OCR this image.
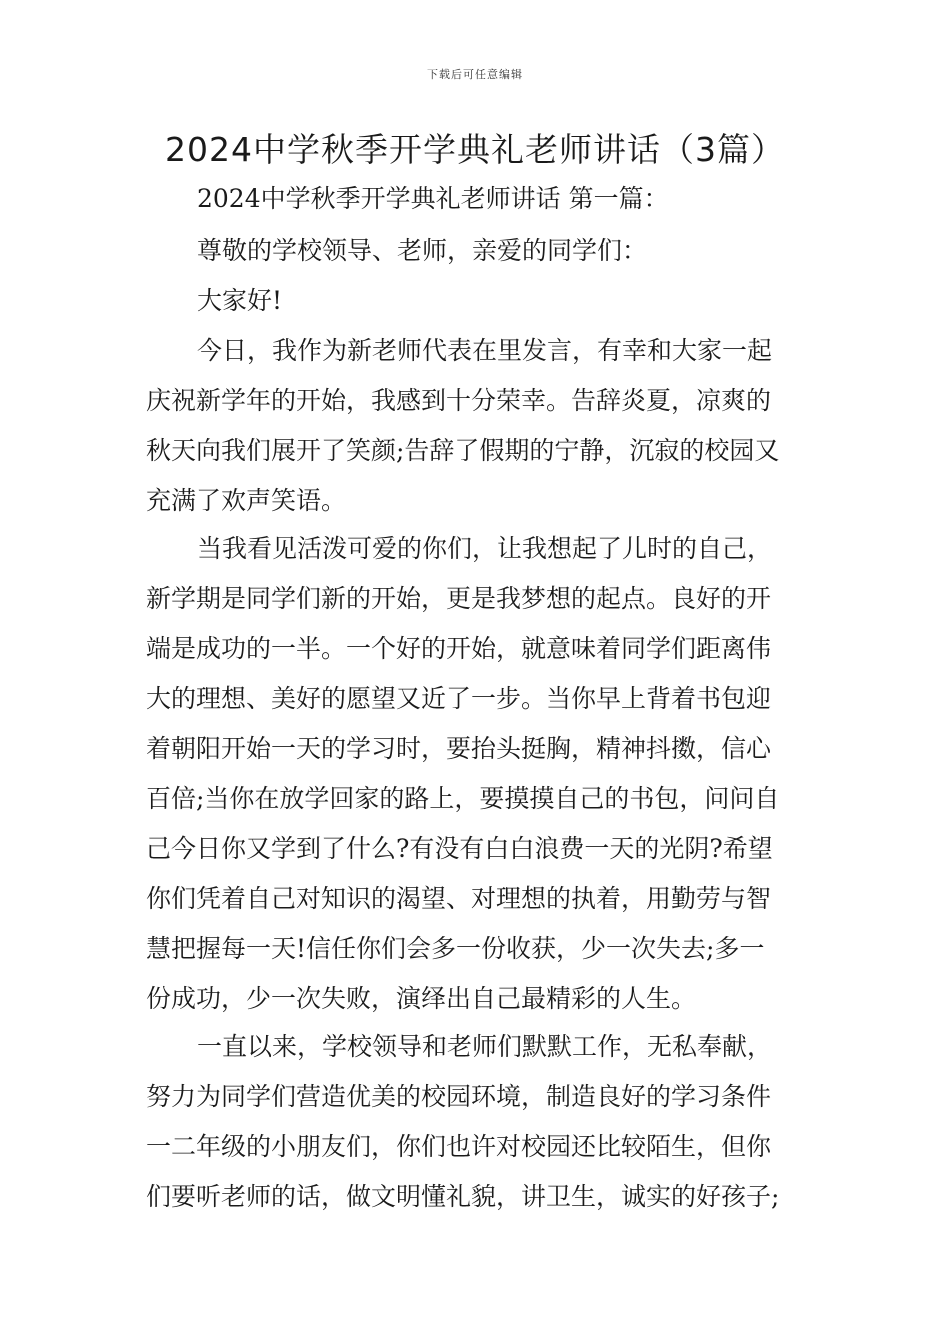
下载后可任意编辑
2024中学秋季开学典礼老师讲话（3篇）

2024中学秋季开学典礼老师讲话 第一篇：

尊敬的学校领导、老师，亲爱的同学们：

大家好!

今日，我作为新老师代表在里发言，有幸和大家一起

庆祝新学年的开始，我感到十分荣幸。告辞炎夏，凉爽的

秋天向我们展开了笑颜;告辞了假期的宁静，沉寂的校园又

充满了欢声笑语。

当我看见活泼可爱的你们，让我想起了儿时的自己，

新学期是同学们新的开始，更是我梦想的起点。良好的开

端是成功的一半。一个好的开始，就意味着同学们距离伟

大的理想、美好的愿望又近了一步。当你早上背着书包迎

着朝阳开始一天的学习时，要抬头挺胸，精神抖擞，信心

百倍;当你在放学回家的路上，要摸摸自己的书包，问问自

己今日你又学到了什么?有没有白白浪费一天的光阴?希望

你们凭着自己对知识的渴望、对理想的执着，用勤劳与智

慧把握每一天!信任你们会多一份收获，少一次失去;多一

份成功，少一次失败，演绎出自己最精彩的人生。

一直以来，学校领导和老师们默默工作，无私奉献，

努力为同学们营造优美的校园环境，制造良好的学习条件

一二年级的小朋友们，你们也许对校园还比较陌生，但你

们要听老师的话，做文明懂礼貌，讲卫生，诚实的好孩子;
